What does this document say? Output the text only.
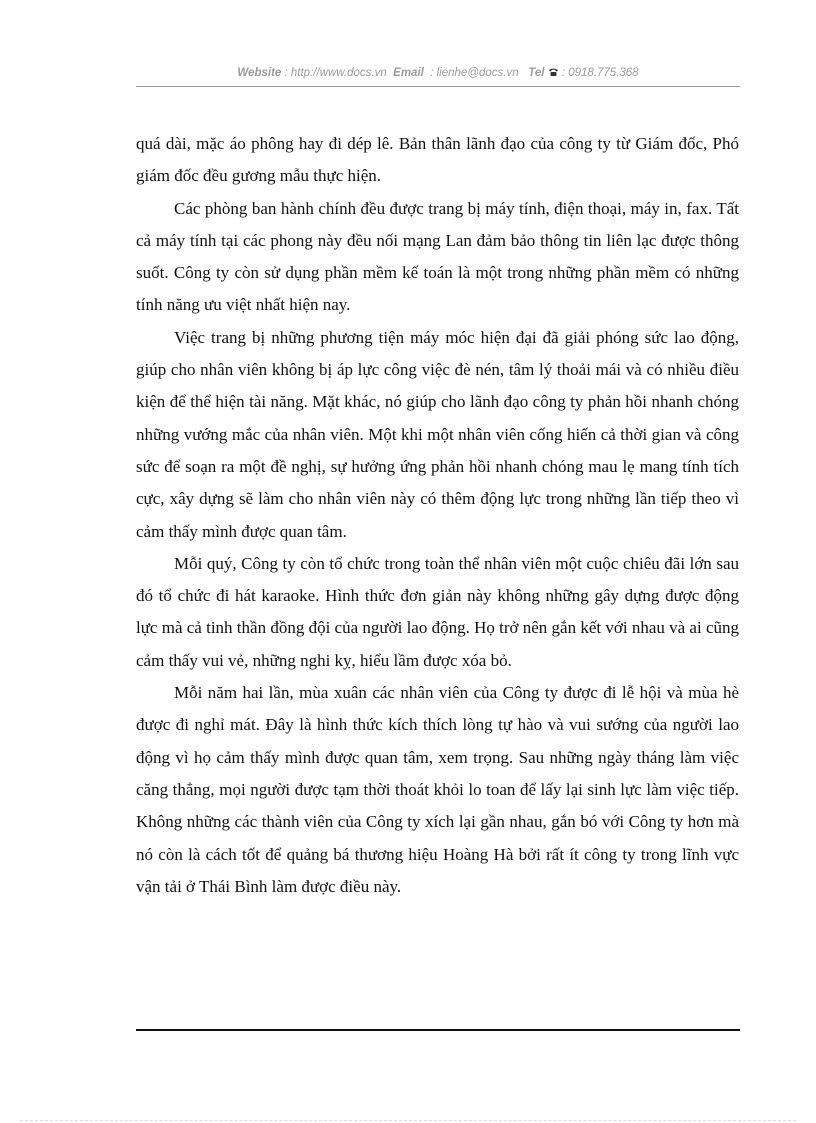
Website : http://www.docs.vn Email : lienhe@docs.vn Tel : 0918.775.368

quá dài, mặc áo phông hay đi dép lê. Bản thân lãnh đạo của công ty từ Giám đốc, Phó giám đốc đều gương mẫu thực hiện.

Các phòng ban hành chính đều được trang bị máy tính, điện thoại, máy in, fax. Tất cả máy tính tại các phong này đều nối mạng Lan đảm bảo thông tin liên lạc được thông suốt. Công ty còn sử dụng phần mềm kế toán là một trong những phần mềm có những tính năng ưu việt nhất hiện nay.

Việc trang bị những phương tiện máy móc hiện đại đã giải phóng sức lao động, giúp cho nhân viên không bị áp lực công việc đè nén, tâm lý thoải mái và có nhiều điều kiện để thể hiện tài năng. Mặt khác, nó giúp cho lãnh đạo công ty phản hồi nhanh chóng những vướng mắc của nhân viên. Một khi một nhân viên cống hiến cả thời gian và công sức để soạn ra một đề nghị, sự hưởng ứng phản hồi nhanh chóng mau lẹ mang tính tích cực, xây dựng sẽ làm cho nhân viên này có thêm động lực trong những lần tiếp theo vì cảm thấy mình được quan tâm.

Mỗi quý, Công ty còn tổ chức trong toàn thể nhân viên một cuộc chiêu đãi lớn sau đó tổ chức đi hát karaoke. Hình thức đơn giản này không những gây dựng được động lực mà cả tinh thần đồng đội của người lao động. Họ trở nên gắn kết với nhau và ai cũng cảm thấy vui vẻ, những nghi kỵ, hiểu lầm được xóa bỏ.

Mỗi năm hai lần, mùa xuân các nhân viên của Công ty được đi lễ hội và mùa hè được đi nghỉ mát. Đây là hình thức kích thích lòng tự hào và vui sướng của người lao động vì họ cảm thấy mình được quan tâm, xem trọng. Sau những ngày tháng làm việc căng thẳng, mọi người được tạm thời thoát khỏi lo toan để lấy lại sinh lực làm việc tiếp. Không những các thành viên của Công ty xích lại gần nhau, gắn bó với Công ty hơn mà nó còn là cách tốt để quảng bá thương hiệu Hoàng Hà bởi rất ít công ty trong lĩnh vực vận tải ở Thái Bình làm được điều này.
